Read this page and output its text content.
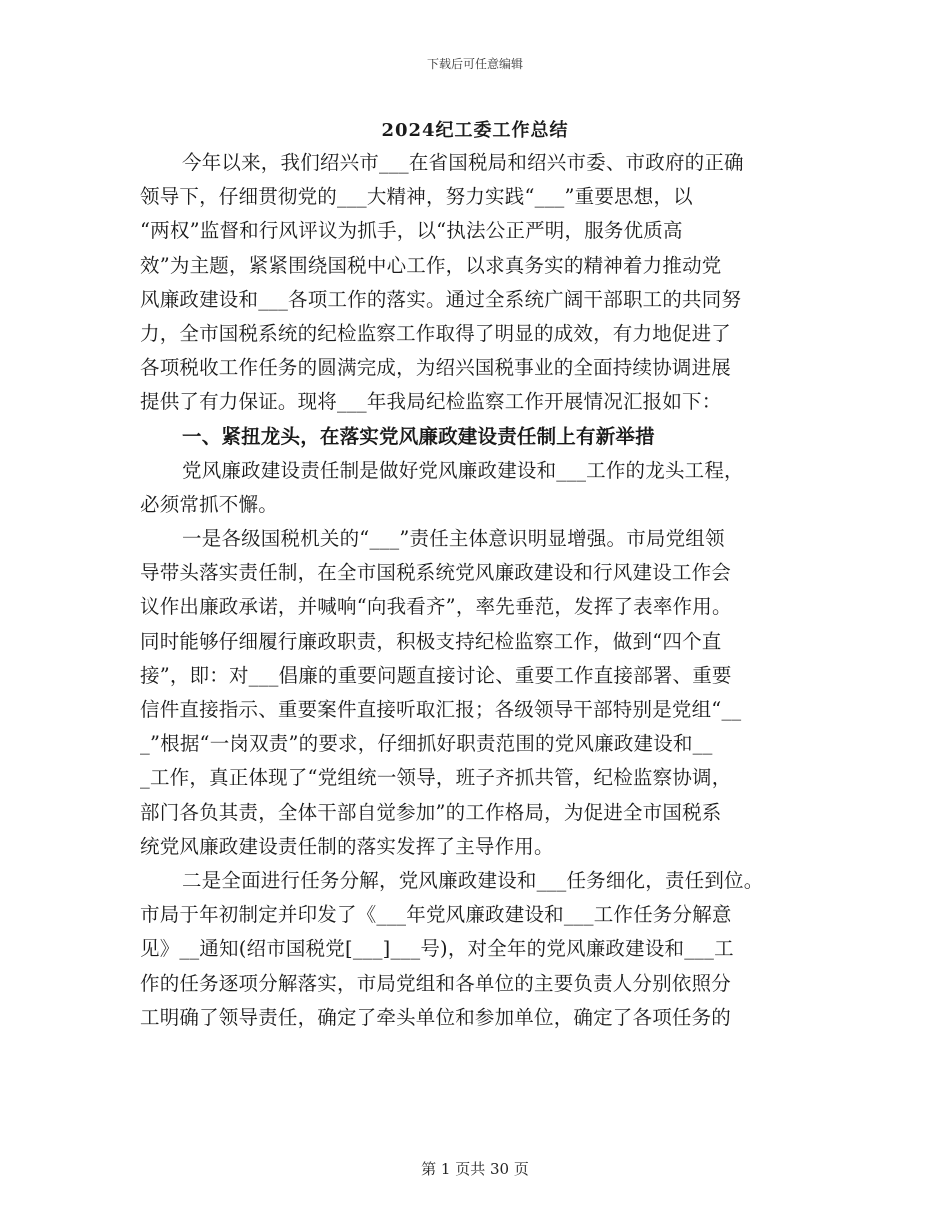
下载后可任意编辑
2024纪工委工作总结
今年以来，我们绍兴市___在省国税局和绍兴市委、市政府的正确
领导下，仔细贯彻党的___大精神，努力实践“___”重要思想，以
“两权”监督和行风评议为抓手，以“执法公正严明，服务优质高
效”为主题，紧紧围绕国税中心工作，以求真务实的精神着力推动党
风廉政建设和___各项工作的落实。通过全系统广阔干部职工的共同努
力，全市国税系统的纪检监察工作取得了明显的成效，有力地促进了
各项税收工作任务的圆满完成，为绍兴国税事业的全面持续协调进展
提供了有力保证。现将___年我局纪检监察工作开展情况汇报如下：
一、紧扭龙头，在落实党风廉政建设责任制上有新举措
党风廉政建设责任制是做好党风廉政建设和___工作的龙头工程，
必须常抓不懈。
一是各级国税机关的“___”责任主体意识明显增强。市局党组领
导带头落实责任制，在全市国税系统党风廉政建设和行风建设工作会
议作出廉政承诺，并喊响“向我看齐”，率先垂范，发挥了表率作用。
同时能够仔细履行廉政职责，积极支持纪检监察工作，做到“四个直
接”，即：对___倡廉的重要问题直接讨论、重要工作直接部署、重要
信件直接指示、重要案件直接听取汇报；各级领导干部特别是党组“__
_”根据“一岗双责”的要求，仔细抓好职责范围的党风廉政建设和__
_工作，真正体现了“党组统一领导，班子齐抓共管，纪检监察协调，
部门各负其责，全体干部自觉参加”的工作格局，为促进全市国税系
统党风廉政建设责任制的落实发挥了主导作用。
二是全面进行任务分解，党风廉政建设和___任务细化，责任到位。
市局于年初制定并印发了《___年党风廉政建设和___工作任务分解意
见》__通知(绍市国税党[___]___号)，对全年的党风廉政建设和___工
作的任务逐项分解落实，市局党组和各单位的主要负责人分别依照分
工明确了领导责任，确定了牵头单位和参加单位，确定了各项任务的
第 1 页共 30 页
